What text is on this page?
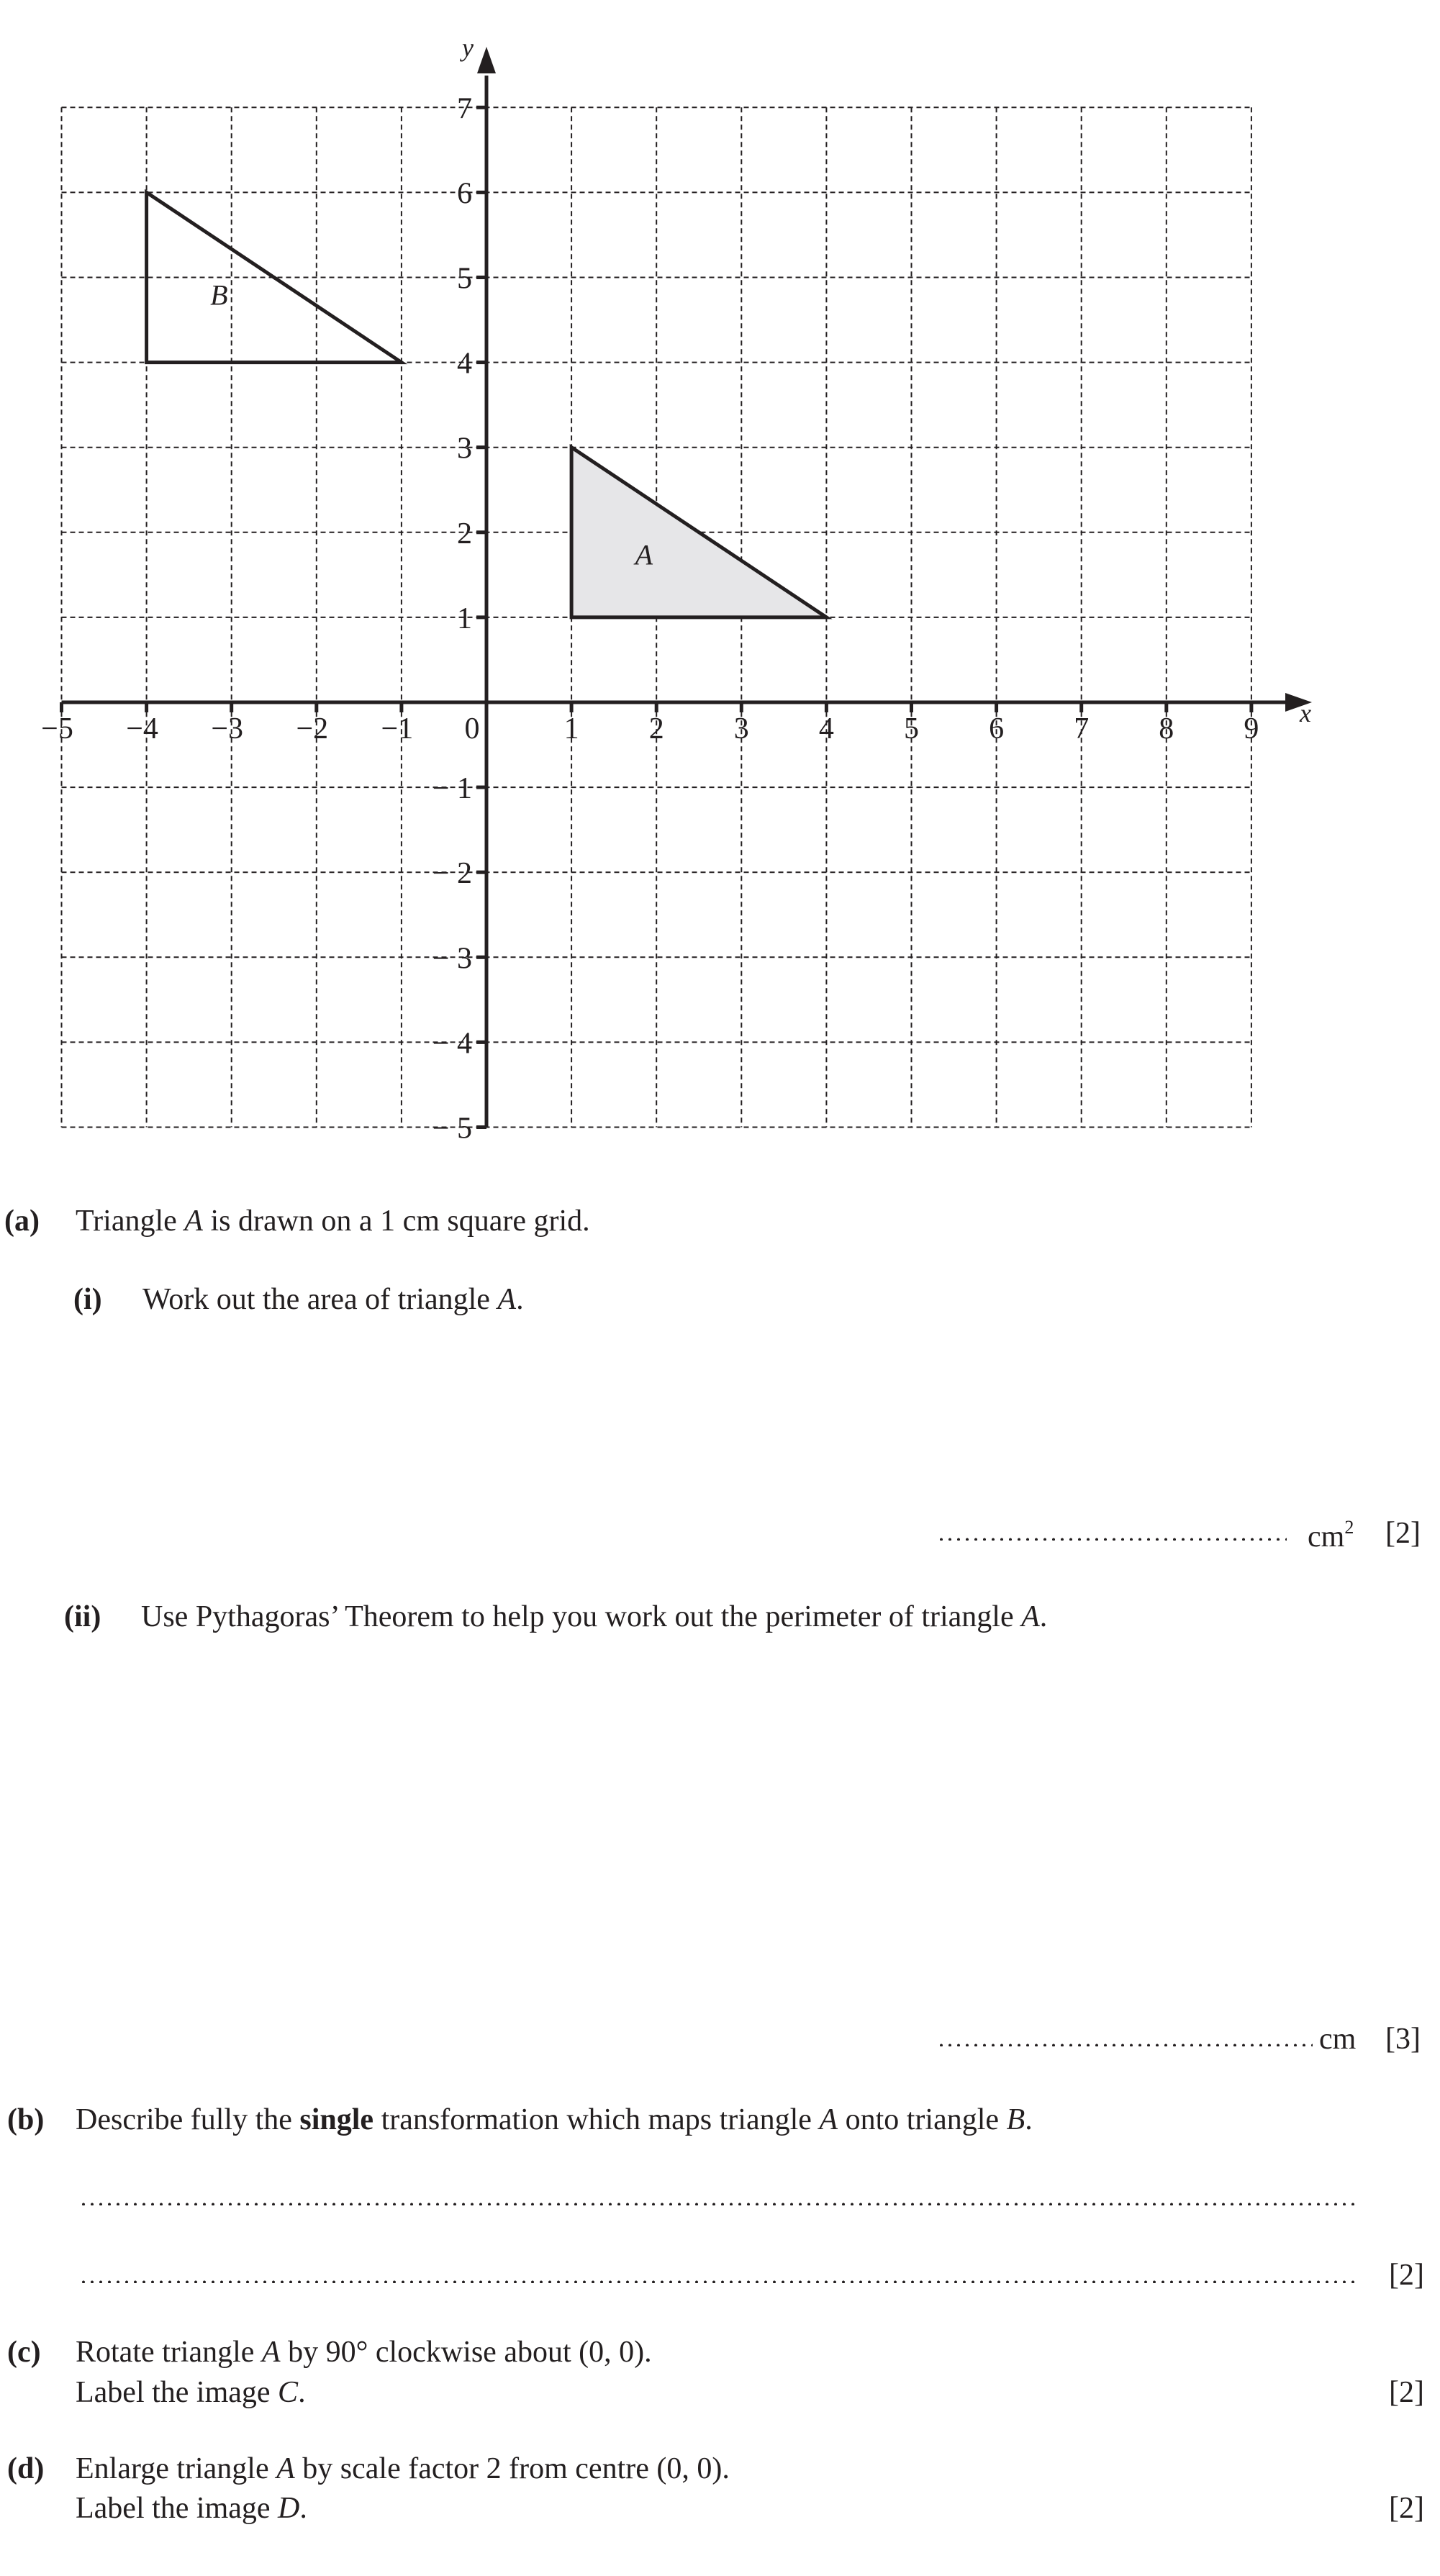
A
B
x
y
−5 −4 −3 −2 −1	1 2 3 4 5 6 7 8 9
− 5
− 4
− 3
− 2
− 1
1
2
3
4
5
6
7
0
(a) Triangle A is drawn on a 1 cm square grid.
(i) Work out the area of triangle A.
$cm^2$ [2]
(ii) Use Pythagoras’ Theorem to help you work out the perimeter of triangle A.
cm [3]
(b) Describe fully the single transformation which maps triangle A onto triangle B.
[2]
(c) Rotate triangle A by 90° clockwise about (0, 0).
Label the image C.	[2]
(d) Enlarge triangle A by scale factor 2 from centre (0, 0).
Label the image D.	[2]
